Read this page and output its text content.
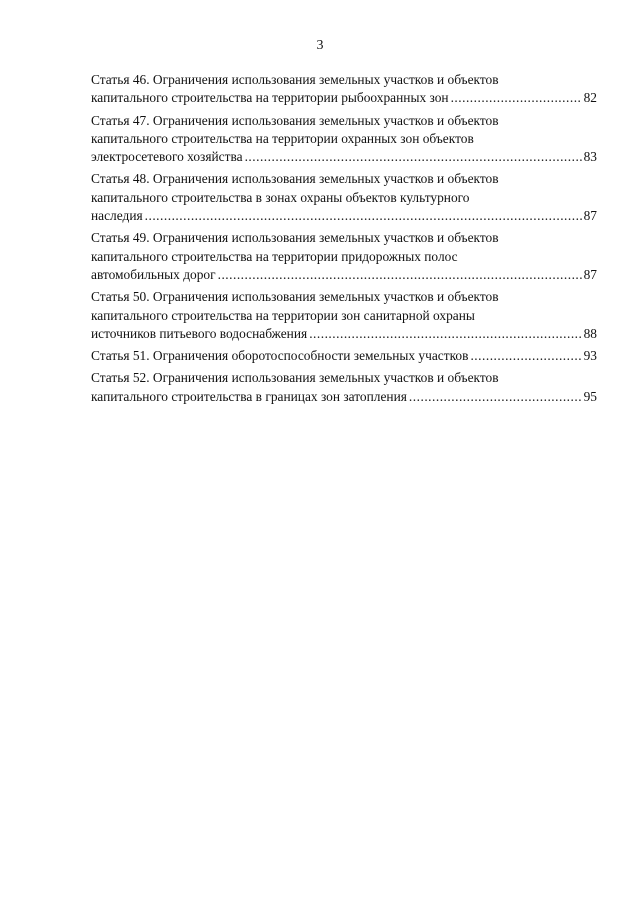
3
Статья 46. Ограничения использования земельных участков и объектов
капитального строительства на территории рыбоохранных зон .....	82
Статья 47. Ограничения использования земельных участков и объектов
капитального строительства на территории охранных зон объектов
электросетевого хозяйства .....	83
Статья 48. Ограничения использования земельных участков и объектов
капитального строительства в зонах охраны объектов культурного
наследия .....	87
Статья 49. Ограничения использования земельных участков и объектов
капитального строительства на территории придорожных полос
автомобильных дорог .....	87
Статья 50. Ограничения использования земельных участков и объектов
капитального строительства на территории зон санитарной охраны
источников питьевого водоснабжения .....	88
Статья 51. Ограничения оборотоспособности земельных участков .....	93
Статья 52. Ограничения использования земельных участков и объектов
капитального строительства в границах зон затопления .....	95
